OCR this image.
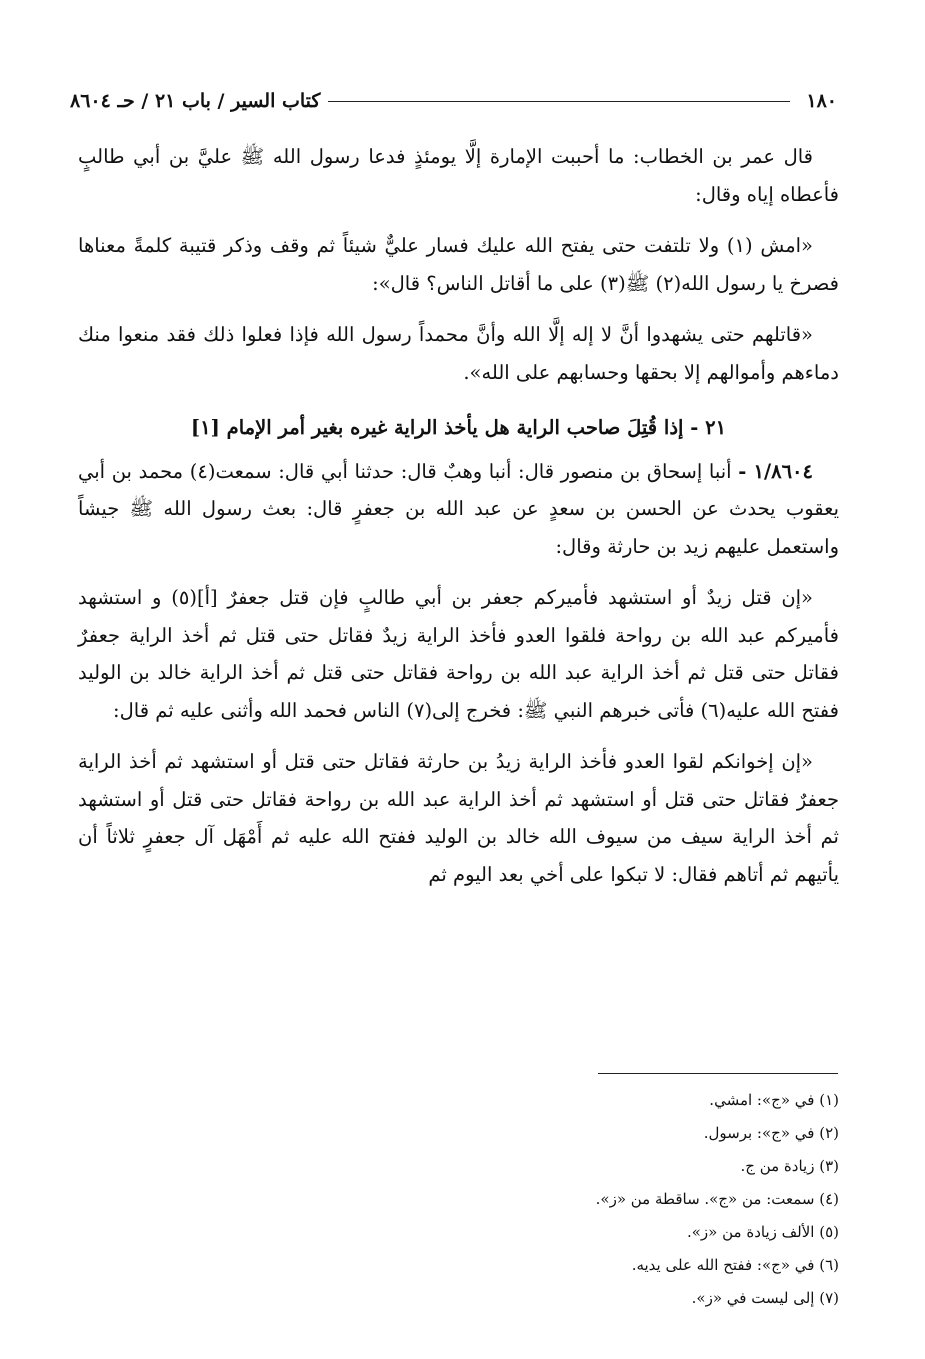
١٨٠
كتاب السير / باب ٢١ / حـ ٨٦٠٤

قال عمر بن الخطاب: ما أحببت الإمارة إلَّا يومئذٍ فدعا رسول الله ﷺ عليَّ بن أبي طالبٍ فأعطاه إياه وقال:

«امش (١) ولا تلتفت حتى يفتح الله عليك فسار عليٌّ شيئاً ثم وقف وذكر قتيبة كلمةً معناها فصرخ يا رسول الله(٢) ﷺ(٣) على ما أقاتل الناس؟ قال»:

«قاتلهم حتى يشهدوا أنَّ لا إله إلَّا الله وأنَّ محمداً رسول الله فإذا فعلوا ذلك فقد منعوا منك دماءهم وأموالهم إلا بحقها وحسابهم على الله».

٢١ - إذا قُتِلَ صاحب الراية هل يأخذ الراية غيره بغير أمر الإمام [١]

١/٨٦٠٤ - أنبا إسحاق بن منصور قال: أنبا وهبٌ قال: حدثنا أبي قال: سمعت(٤) محمد بن أبي يعقوب يحدث عن الحسن بن سعدٍ عن عبد الله بن جعفرٍ قال: بعث رسول الله ﷺ جيشاً واستعمل عليهم زيد بن حارثة وقال:

«إن قتل زيدٌ أو استشهد فأميركم جعفر بن أبي طالبٍ فإن قتل جعفرٌ [أ](٥) و استشهد فأميركم عبد الله بن رواحة فلقوا العدو فأخذ الراية زيدٌ فقاتل حتى قتل ثم أخذ الراية جعفرٌ فقاتل حتى قتل ثم أخذ الراية عبد الله بن رواحة فقاتل حتى قتل ثم أخذ الراية خالد بن الوليد ففتح الله عليه(٦) فأتى خبرهم النبي ﷺ: فخرج إلى(٧) الناس فحمد الله وأثنى عليه ثم قال:

«إن إخوانكم لقوا العدو فأخذ الراية زيدُ بن حارثة فقاتل حتى قتل أو استشهد ثم أخذ الراية جعفرٌ فقاتل حتى قتل أو استشهد ثم أخذ الراية عبد الله بن رواحة فقاتل حتى قتل أو استشهد ثم أخذ الراية سيف من سيوف الله خالد بن الوليد ففتح الله عليه ثم أَمْهَل آل جعفرٍ ثلاثاً أن يأتيهم ثم أتاهم فقال: لا تبكوا على أخي بعد اليوم ثم

(١) في «ج»: امشي.
(٢) في «ج»: برسول.
(٣) زيادة من ج.
(٤) سمعت: من «ج». ساقطة من «ز».
(٥) الألف زيادة من «ز».
(٦) في «ج»: ففتح الله على يديه.
(٧) إلى ليست في «ز».
